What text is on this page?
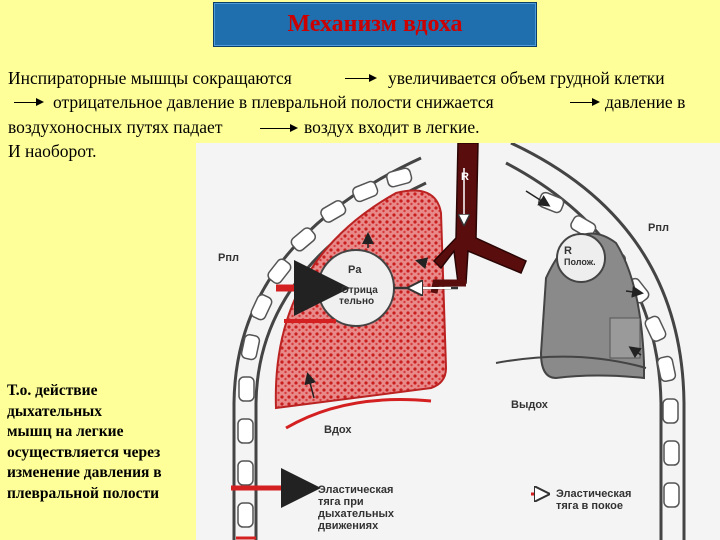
Механизм вдоха
Инспираторные мышцы сокращаются	увеличивается объем грудной клетки
отрицательное давление в плевральной полости снижается	давление в
воздухоносных путях падает	воздух входит в легкие.
И наоборот.
Т.о. действие
дыхательных
мышц на легкие
осуществляется через
изменение давления в
плевральной полости
Pпл
Pпл
Pа
Отрица
тельно
R
R
Полож.
Выдох
Вдох
Эластическая
тяга при
дыхательных
движениях
Эластическая
тяга в покое
